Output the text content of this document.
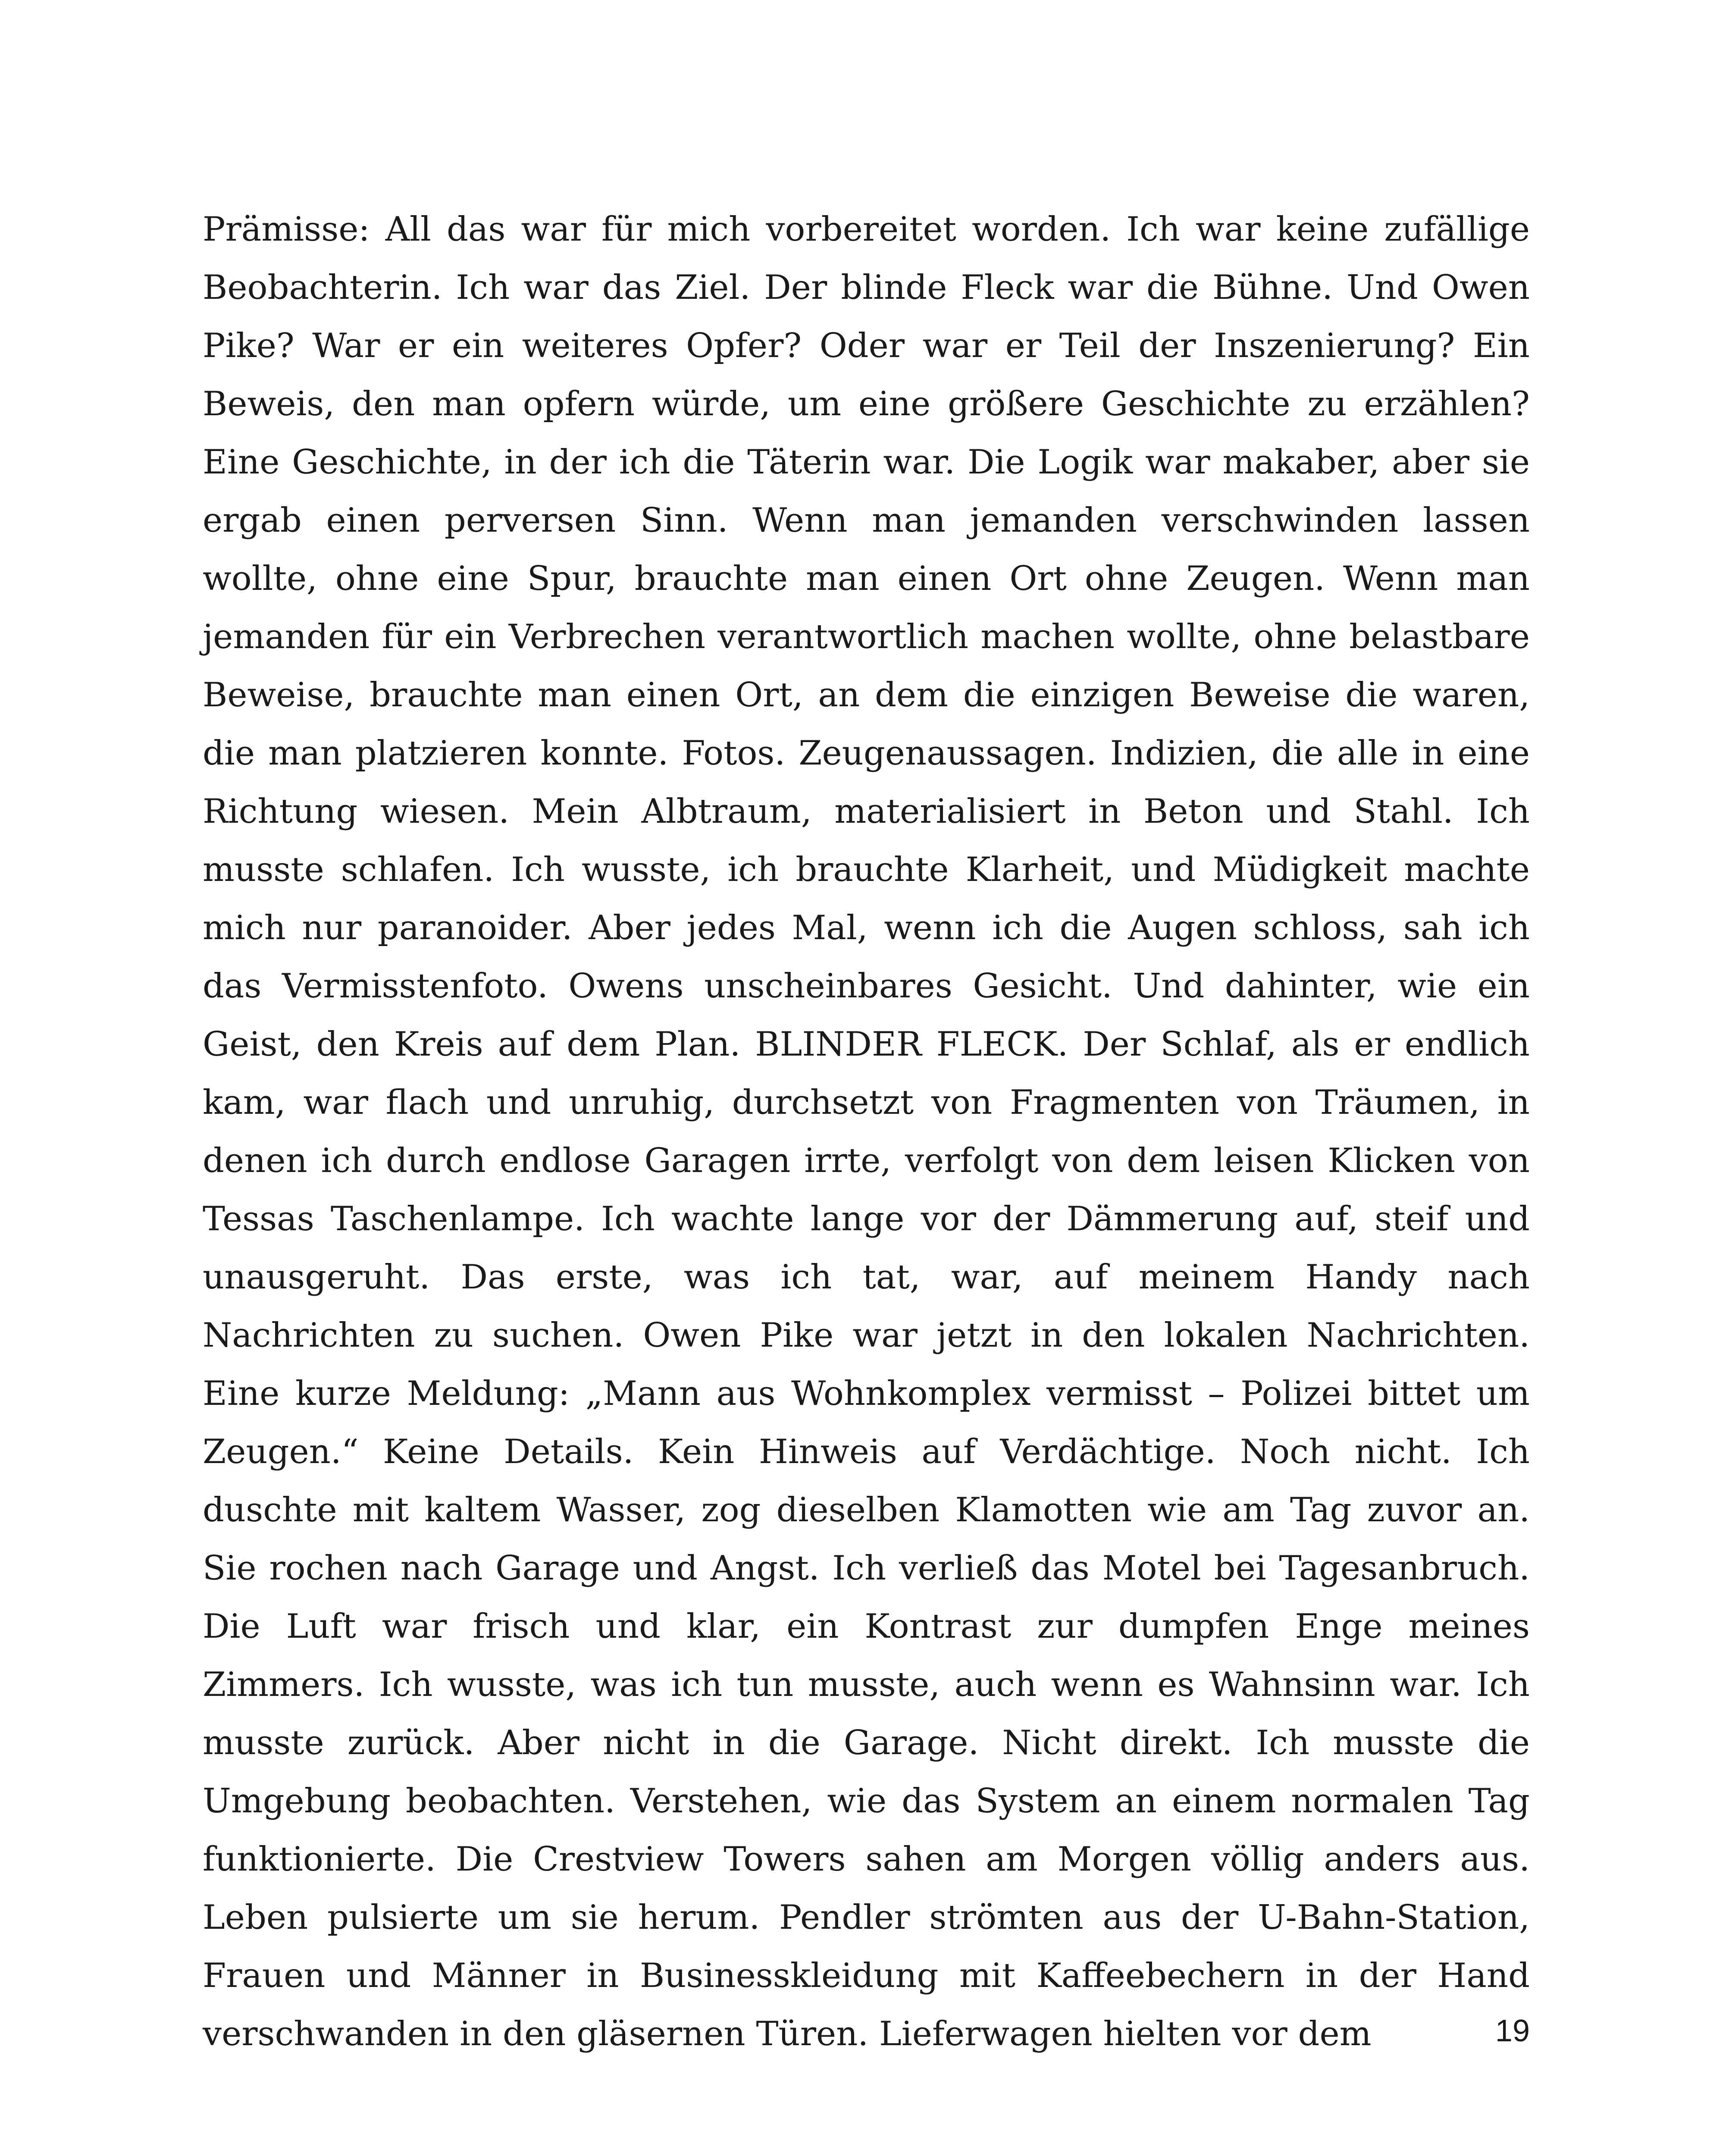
Prämisse: All das war für mich vorbereitet worden. Ich war keine zufällige Beobachterin. Ich war das Ziel. Der blinde Fleck war die Bühne. Und Owen Pike? War er ein weiteres Opfer? Oder war er Teil der Inszenierung? Ein Beweis, den man opfern würde, um eine größere Geschichte zu erzählen? Eine Geschichte, in der ich die Täterin war. Die Logik war makaber, aber sie ergab einen perversen Sinn. Wenn man jemanden verschwinden lassen wollte, ohne eine Spur, brauchte man einen Ort ohne Zeugen. Wenn man jemanden für ein Verbrechen verantwortlich machen wollte, ohne belastbare Beweise, brauchte man einen Ort, an dem die einzigen Beweise die waren, die man platzieren konnte. Fotos. Zeugenaussagen. Indizien, die alle in eine Richtung wiesen. Mein Albtraum, materialisiert in Beton und Stahl. Ich musste schlafen. Ich wusste, ich brauchte Klarheit, und Müdigkeit machte mich nur paranoider. Aber jedes Mal, wenn ich die Augen schloss, sah ich das Vermisstenfoto. Owens unscheinbares Gesicht. Und dahinter, wie ein Geist, den Kreis auf dem Plan. BLINDER FLECK. Der Schlaf, als er endlich kam, war flach und unruhig, durchsetzt von Fragmenten von Träumen, in denen ich durch endlose Garagen irrte, verfolgt von dem leisen Klicken von Tessas Taschenlampe. Ich wachte lange vor der Dämmerung auf, steif und unausgeruht. Das erste, was ich tat, war, auf meinem Handy nach Nachrichten zu suchen. Owen Pike war jetzt in den lokalen Nachrichten. Eine kurze Meldung: „Mann aus Wohnkomplex vermisst – Polizei bittet um Zeugen.“ Keine Details. Kein Hinweis auf Verdächtige. Noch nicht. Ich duschte mit kaltem Wasser, zog dieselben Klamotten wie am Tag zuvor an. Sie rochen nach Garage und Angst. Ich verließ das Motel bei Tagesanbruch. Die Luft war frisch und klar, ein Kontrast zur dumpfen Enge meines Zimmers. Ich wusste, was ich tun musste, auch wenn es Wahnsinn war. Ich musste zurück. Aber nicht in die Garage. Nicht direkt. Ich musste die Umgebung beobachten. Verstehen, wie das System an einem normalen Tag funktionierte. Die Crestview Towers sahen am Morgen völlig anders aus. Leben pulsierte um sie herum. Pendler strömten aus der U-Bahn-Station, Frauen und Männer in Businesskleidung mit Kaffeebechern in der Hand verschwanden in den gläsernen Türen. Lieferwagen hielten vor dem	19
